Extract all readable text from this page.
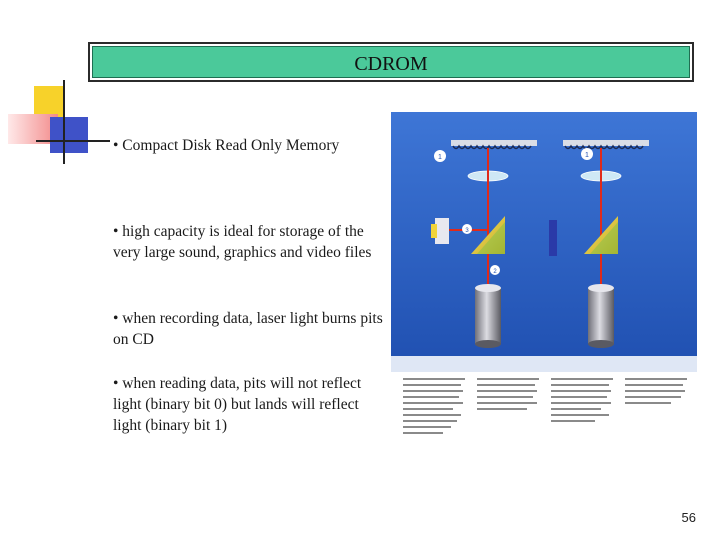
CDROM
• Compact Disk Read Only Memory
• high capacity is ideal for storage of the very large sound, graphics and video files
• when recording data, laser light burns pits on CD
• when reading data, pits will not reflect light (binary bit 0) but lands will reflect light (binary bit 1)
1
3
2
1
56
